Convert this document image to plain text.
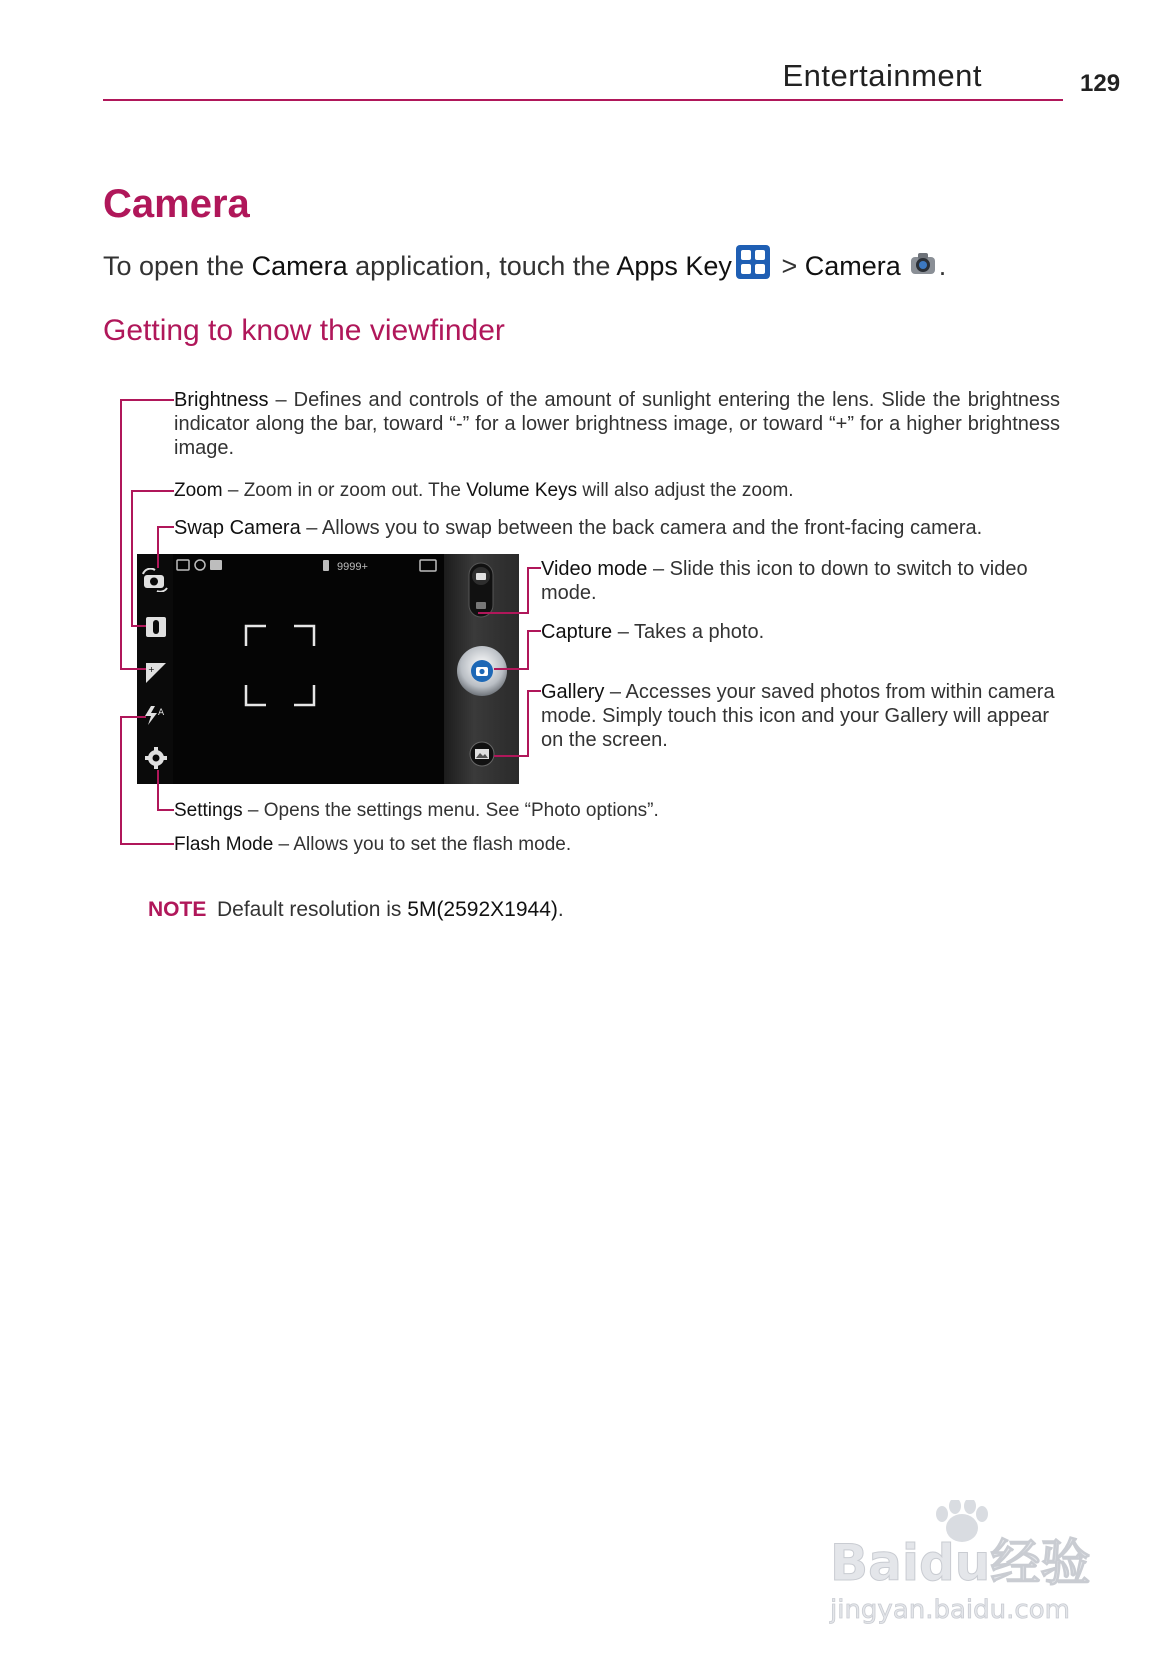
Entertainment	129
Camera
To open the Camera application, touch the Apps Key > Camera .
Getting to know the viewfinder
Brightness – Defines and controls of the amount of sunlight entering the lens. Slide the brightness indicator along the bar, toward “-” for a lower brightness image, or toward “+” for a higher brightness image.
Zoom – Zoom in or zoom out. The Volume Keys will also adjust the zoom.
Swap Camera – Allows you to swap between the back camera and the front-facing camera.
Video mode – Slide this icon to down to switch to video mode.
Capture – Takes a photo.
Gallery – Accesses your saved photos from within camera mode. Simply touch this icon and your Gallery will appear on the screen.
Settings – Opens the settings menu. See “Photo options”.
Flash Mode – Allows you to set the flash mode.
9999+
+
A
NOTE Default resolution is 5M(2592X1944).
Baidu经验
jingyan.baidu.com
